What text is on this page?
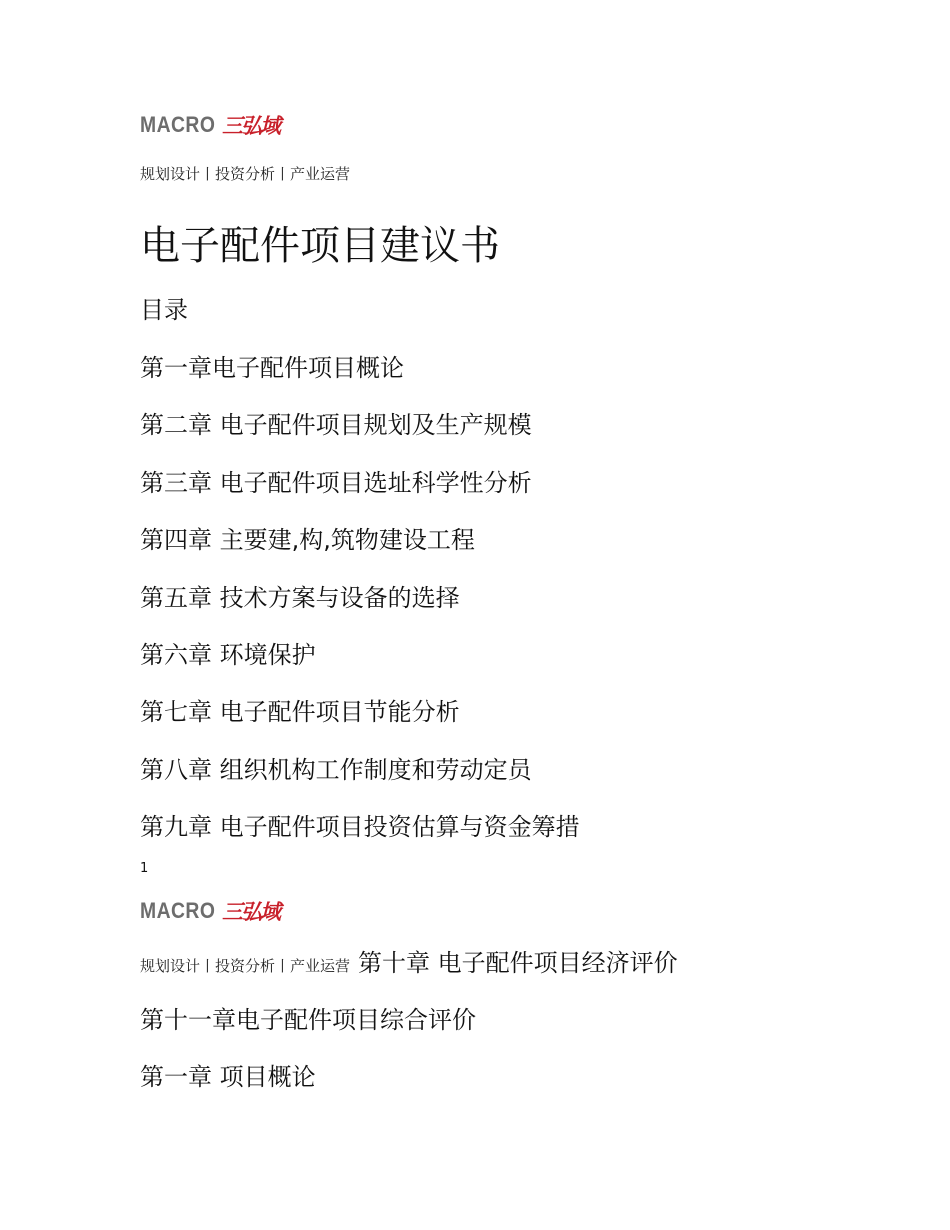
MACRO 三弘域
规划设计丨投资分析丨产业运营
电子配件项目建议书
目录
第一章电子配件项目概论
第二章 电子配件项目规划及生产规模
第三章 电子配件项目选址科学性分析
第四章 主要建,构,筑物建设工程
第五章 技术方案与设备的选择
第六章 环境保护
第七章 电子配件项目节能分析
第八章 组织机构工作制度和劳动定员
第九章 电子配件项目投资估算与资金筹措
1
MACRO 三弘域
规划设计丨投资分析丨产业运营 第十章 电子配件项目经济评价
第十一章电子配件项目综合评价
第一章 项目概论
